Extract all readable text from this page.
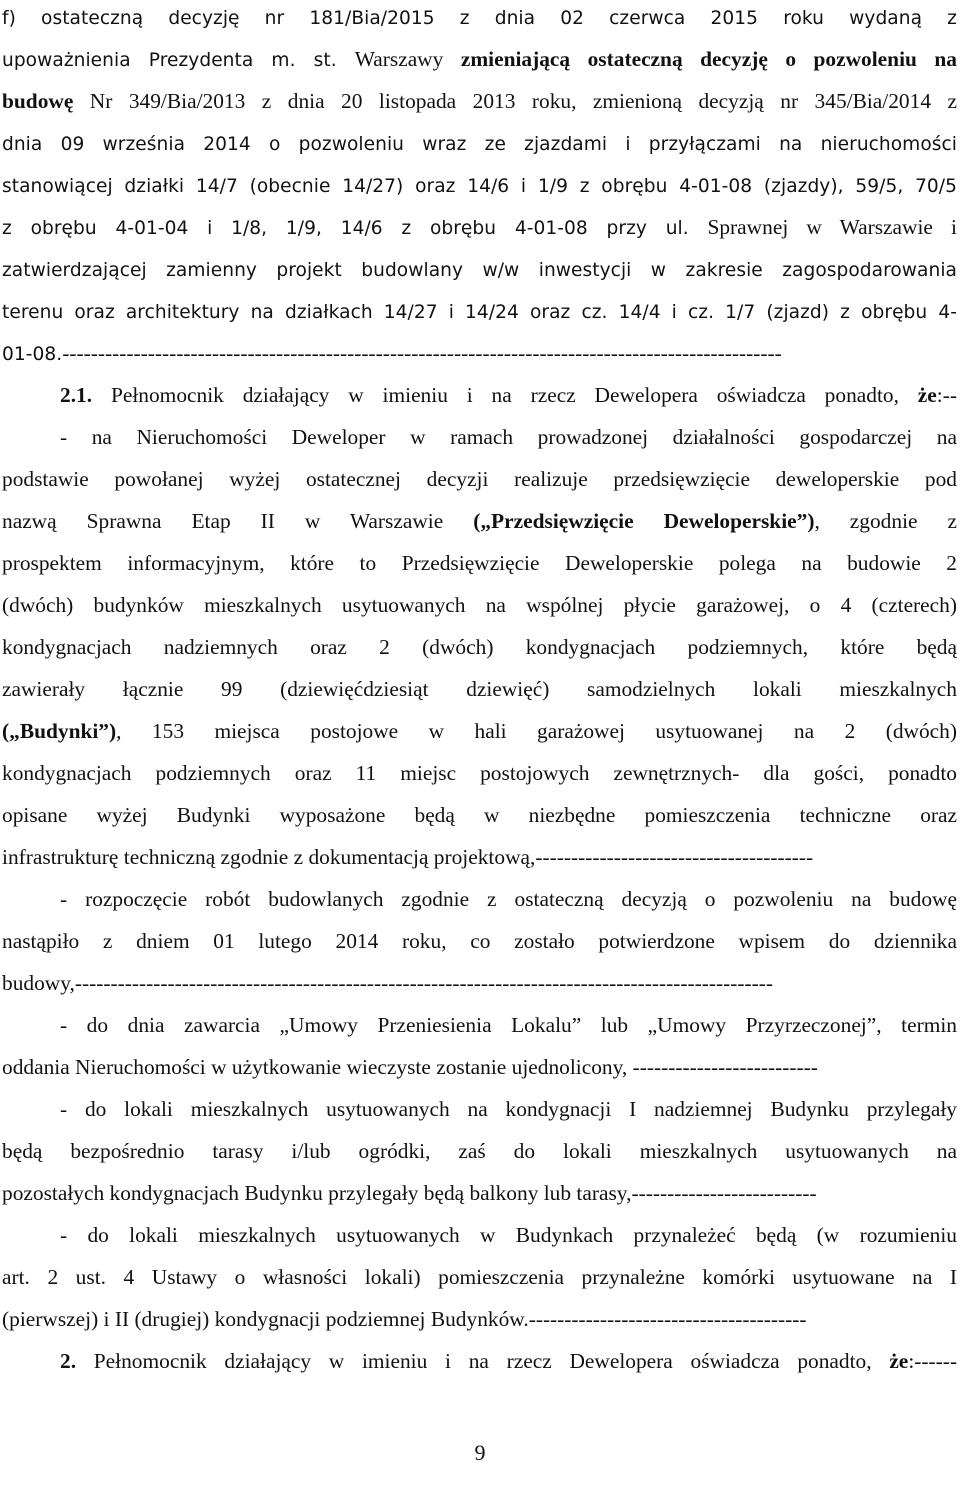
f) ostateczną decyzję nr 181/Bia/2015 z dnia 02 czerwca 2015 roku wydaną z
upoważnienia Prezydenta m. st. Warszawy zmieniającą ostateczną decyzję o pozwoleniu na
budowę Nr 349/Bia/2013 z dnia 20 listopada 2013 roku, zmienioną decyzją nr 345/Bia/2014 z
dnia 09 września 2014 o pozwoleniu wraz ze zjazdami i przyłączami na nieruchomości
stanowiącej działki 14/7 (obecnie 14/27) oraz 14/6 i 1/9 z obrębu 4-01-08 (zjazdy), 59/5, 70/5
z obrębu 4-01-04 i 1/8, 1/9, 14/6 z obrębu 4-01-08 przy ul. Sprawnej w Warszawie i
zatwierdzającej zamienny projekt budowlany w/w inwestycji w zakresie zagospodarowania
terenu oraz architektury na działkach 14/27 i 14/24 oraz cz. 14/4 i cz. 1/7 (zjazd) z obrębu 4-
01-08.-----------------------------------------------------------------------------------------------------
2.1. Pełnomocnik działający w imieniu i na rzecz Dewelopera oświadcza ponadto, że:--
- na Nieruchomości Deweloper w ramach prowadzonej działalności gospodarczej na
podstawie powołanej wyżej ostatecznej decyzji realizuje przedsięwzięcie deweloperskie pod
nazwą Sprawna Etap II w Warszawie („Przedsięwzięcie Deweloperskie”), zgodnie z
prospektem informacyjnym, które to Przedsięwzięcie Deweloperskie polega na budowie 2
(dwóch) budynków mieszkalnych usytuowanych na wspólnej płycie garażowej, o 4 (czterech)
kondygnacjach nadziemnych oraz 2 (dwóch) kondygnacjach podziemnych, które będą
zawierały łącznie 99 (dziewięćdziesiąt dziewięć) samodzielnych lokali mieszkalnych
(„Budynki”), 153 miejsca postojowe w hali garażowej usytuowanej na 2 (dwóch)
kondygnacjach podziemnych oraz 11 miejsc postojowych zewnętrznych- dla gości, ponadto
opisane wyżej Budynki wyposażone będą w niezbędne pomieszczenia techniczne oraz
infrastrukturę techniczną zgodnie z dokumentacją projektową,---------------------------------------
- rozpoczęcie robót budowlanych zgodnie z ostateczną decyzją o pozwoleniu na budowę
nastąpiło z dniem 01 lutego 2014 roku, co zostało potwierdzone wpisem do dziennika
budowy,--------------------------------------------------------------------------------------------------
- do dnia zawarcia „Umowy Przeniesienia Lokalu” lub „Umowy Przyrzeczonej”, termin
oddania Nieruchomości w użytkowanie wieczyste zostanie ujednolicony, --------------------------
- do lokali mieszkalnych usytuowanych na kondygnacji I nadziemnej Budynku przylegały
będą bezpośrednio tarasy i/lub ogródki, zaś do lokali mieszkalnych usytuowanych na
pozostałych kondygnacjach Budynku przylegały będą balkony lub tarasy,--------------------------
- do lokali mieszkalnych usytuowanych w Budynkach przynależeć będą (w rozumieniu
art. 2 ust. 4 Ustawy o własności lokali) pomieszczenia przynależne komórki usytuowane na I
(pierwszej) i II (drugiej) kondygnacji podziemnej Budynków.---------------------------------------
2. Pełnomocnik działający w imieniu i na rzecz Dewelopera oświadcza ponadto, że:------
9
